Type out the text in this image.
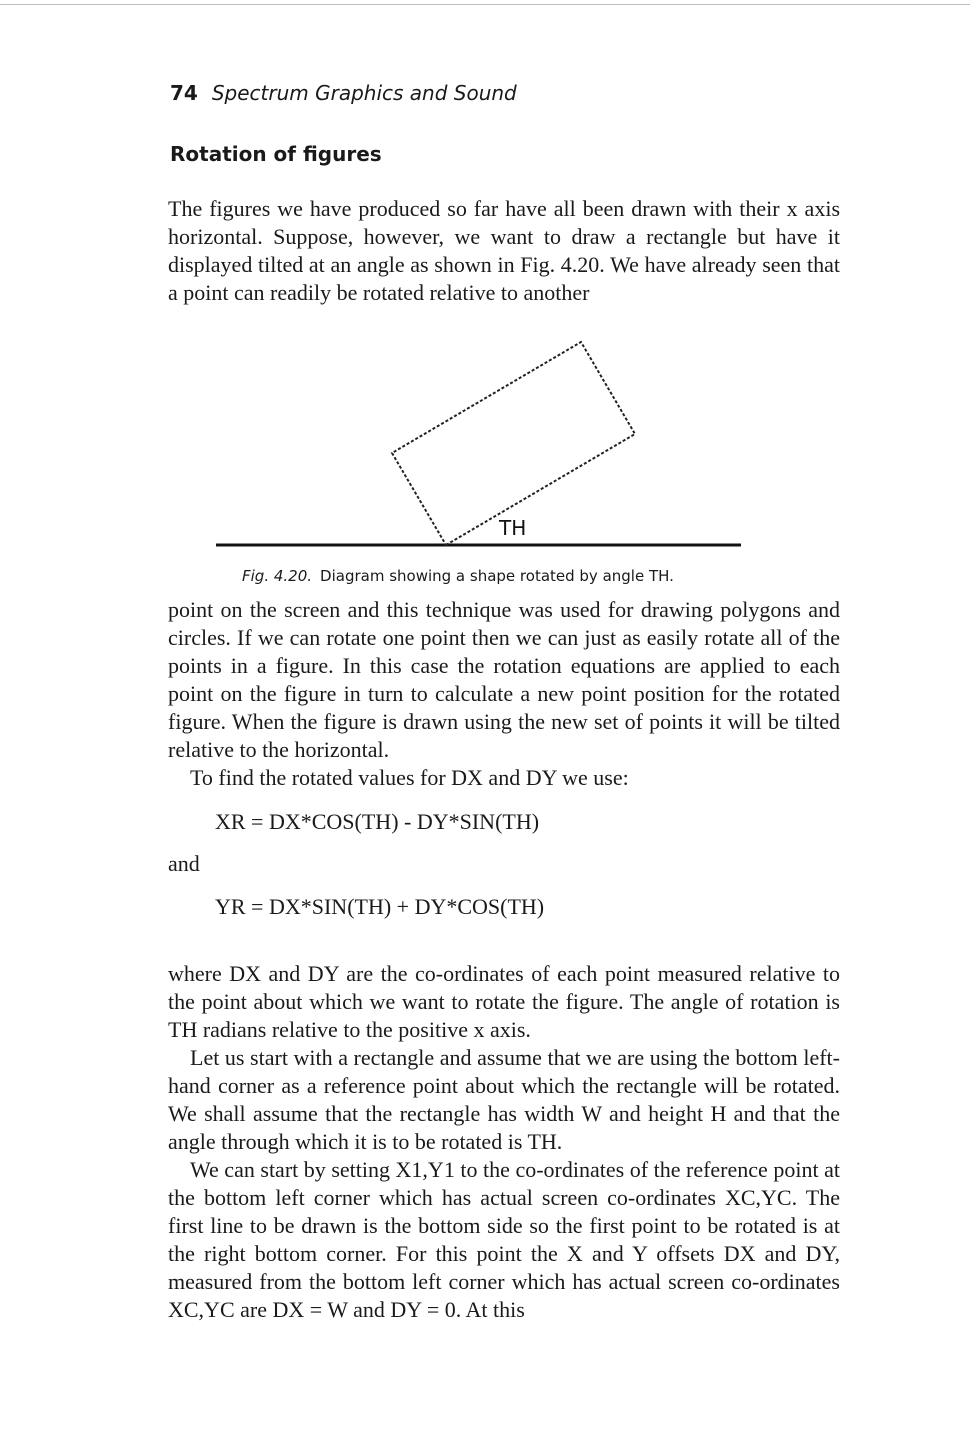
74 Spectrum Graphics and Sound
Rotation of figures

The figures we have produced so far have all been drawn with their x axis horizontal. Suppose, however, we want to draw a rectangle but have it displayed tilted at an angle as shown in Fig. 4.20. We have already seen that a point can readily be rotated relative to another

TH
Fig. 4.20. Diagram showing a shape rotated by angle TH.

point on the screen and this technique was used for drawing polygons and circles. If we can rotate one point then we can just as easily rotate all of the points in a figure. In this case the rotation equations are applied to each point on the figure in turn to calculate a new point position for the rotated figure. When the figure is drawn using the new set of points it will be tilted relative to the horizontal.

To find the rotated values for DX and DY we use:

XR = DX*COS(TH) - DY*SIN(TH)

and

YR = DX*SIN(TH) + DY*COS(TH)

where DX and DY are the co-ordinates of each point measured relative to the point about which we want to rotate the figure. The angle of rotation is TH radians relative to the positive x axis.

Let us start with a rectangle and assume that we are using the bottom left-hand corner as a reference point about which the rectangle will be rotated. We shall assume that the rectangle has width W and height H and that the angle through which it is to be rotated is TH.

We can start by setting X1,Y1 to the co-ordinates of the reference point at the bottom left corner which has actual screen co-ordinates XC,YC. The first line to be drawn is the bottom side so the first point to be rotated is at the right bottom corner. For this point the X and Y offsets DX and DY, measured from the bottom left corner which has actual screen co-ordinates XC,YC are DX = W and DY = 0. At this
